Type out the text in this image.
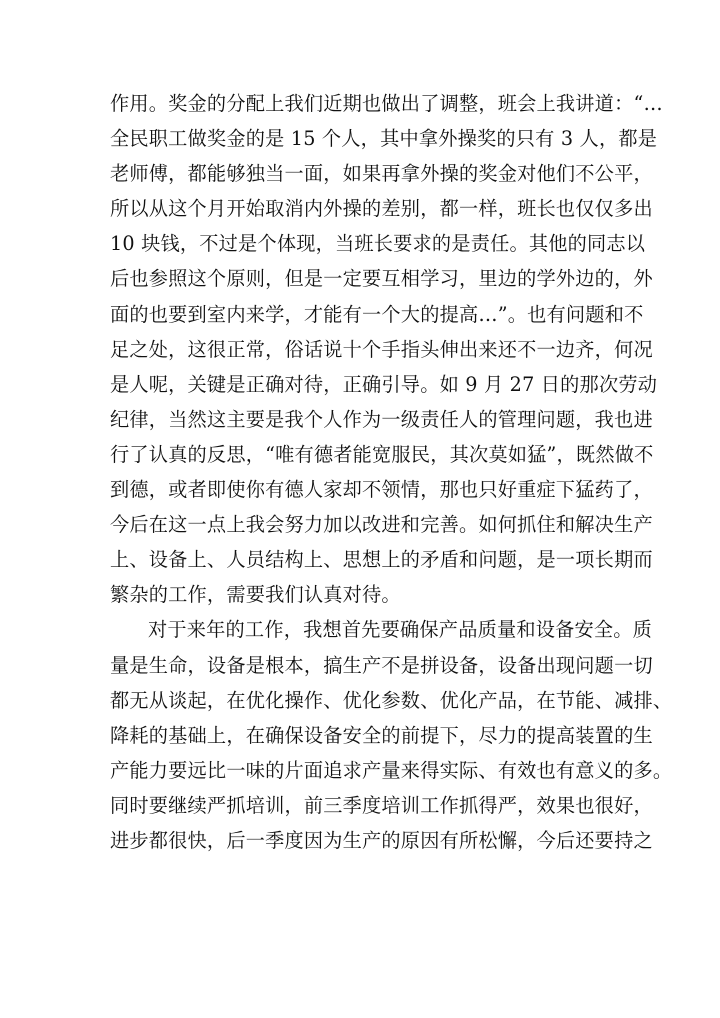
作用。奖金的分配上我们近期也做出了调整，班会上我讲道：“…
全民职工做奖金的是 15 个人，其中拿外操奖的只有 3 人，都是
老师傅，都能够独当一面，如果再拿外操的奖金对他们不公平，
所以从这个月开始取消内外操的差别，都一样，班长也仅仅多出
10 块钱，不过是个体现，当班长要求的是责任。其他的同志以
后也参照这个原则，但是一定要互相学习，里边的学外边的，外
面的也要到室内来学，才能有一个大的提高…”。也有问题和不
足之处，这很正常，俗话说十个手指头伸出来还不一边齐，何况
是人呢，关键是正确对待，正确引导。如 9 月 27 日的那次劳动
纪律，当然这主要是我个人作为一级责任人的管理问题，我也进
行了认真的反思，“唯有德者能宽服民，其次莫如猛”，既然做不
到德，或者即使你有德人家却不领情，那也只好重症下猛药了，
今后在这一点上我会努力加以改进和完善。如何抓住和解决生产
上、设备上、人员结构上、思想上的矛盾和问题，是一项长期而
繁杂的工作，需要我们认真对待。
对于来年的工作，我想首先要确保产品质量和设备安全。质
量是生命，设备是根本，搞生产不是拼设备，设备出现问题一切
都无从谈起，在优化操作、优化参数、优化产品，在节能、减排、
降耗的基础上，在确保设备安全的前提下，尽力的提高装置的生
产能力要远比一味的片面追求产量来得实际、有效也有意义的多。
同时要继续严抓培训，前三季度培训工作抓得严，效果也很好，
进步都很快，后一季度因为生产的原因有所松懈，今后还要持之
